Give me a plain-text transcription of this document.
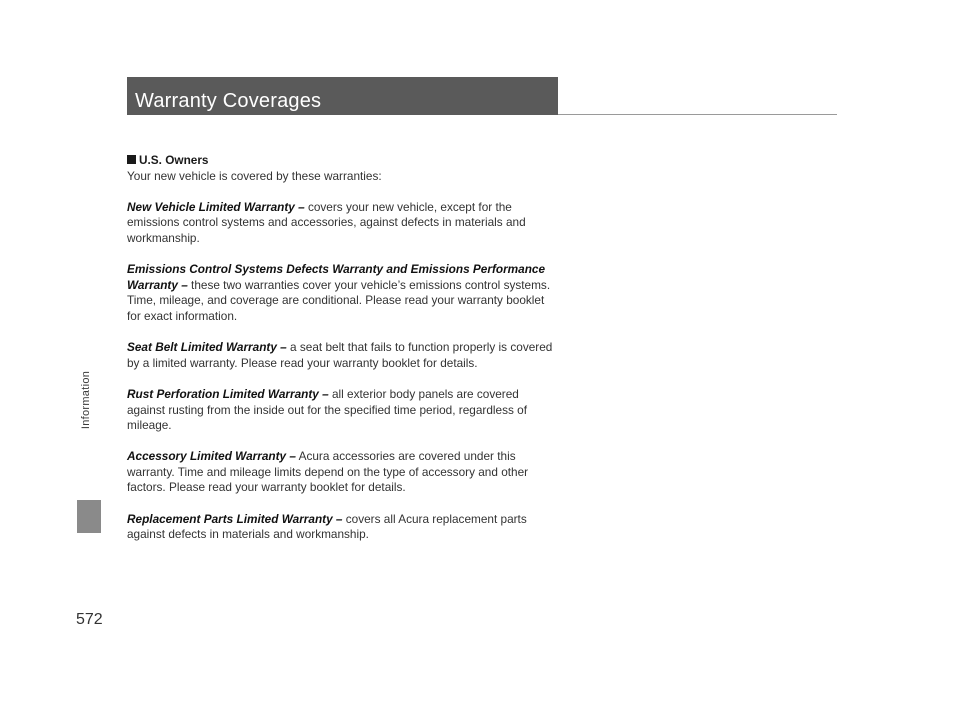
Warranty Coverages
Information
572

U.S. Owners

Your new vehicle is covered by these warranties:

New Vehicle Limited Warranty – covers your new vehicle, except for the emissions control systems and accessories, against defects in materials and workmanship.

Emissions Control Systems Defects Warranty and Emissions Performance Warranty – these two warranties cover your vehicle’s emissions control systems. Time, mileage, and coverage are conditional. Please read your warranty booklet for exact information.

Seat Belt Limited Warranty – a seat belt that fails to function properly is covered by a limited warranty. Please read your warranty booklet for details.

Rust Perforation Limited Warranty – all exterior body panels are covered against rusting from the inside out for the specified time period, regardless of mileage.

Accessory Limited Warranty – Acura accessories are covered under this warranty. Time and mileage limits depend on the type of accessory and other factors. Please read your warranty booklet for details.

Replacement Parts Limited Warranty – covers all Acura replacement parts against defects in materials and workmanship.
